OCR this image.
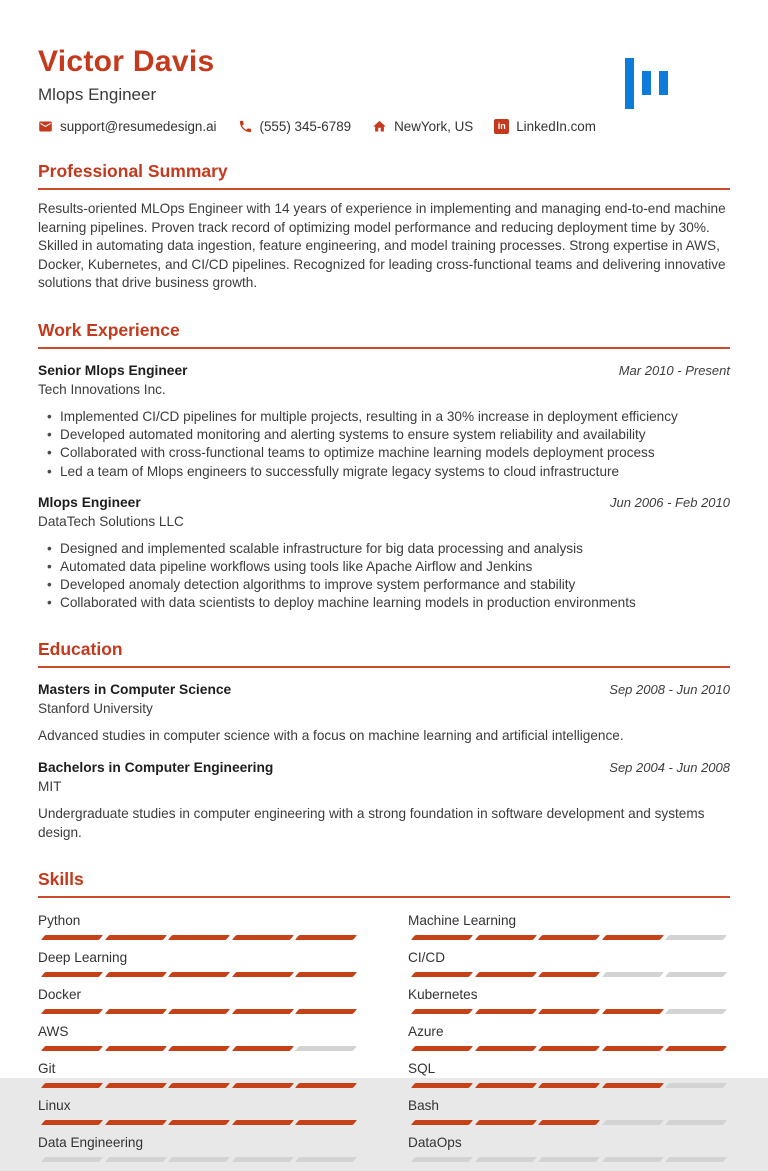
Victor Davis
Mlops Engineer
support@resumedesign.ai	(555) 345-6789	NewYork, US	in LinkedIn.com
Professional Summary

Results-oriented MLOps Engineer with 14 years of experience in implementing and managing end-to-end machine learning pipelines. Proven track record of optimizing model performance and reducing deployment time by 30%. Skilled in automating data ingestion, feature engineering, and model training processes. Strong expertise in AWS, Docker, Kubernetes, and CI/CD pipelines. Recognized for leading cross-functional teams and delivering innovative solutions that drive business growth.

Work Experience
Senior Mlops Engineer
Tech Innovations Inc.
Mar 2010 - Present
• Implemented CI/CD pipelines for multiple projects, resulting in a 30% increase in deployment efficiency
• Developed automated monitoring and alerting systems to ensure system reliability and availability
• Collaborated with cross-functional teams to optimize machine learning models deployment process
• Led a team of Mlops engineers to successfully migrate legacy systems to cloud infrastructure
Mlops Engineer
DataTech Solutions LLC
Jun 2006 - Feb 2010
• Designed and implemented scalable infrastructure for big data processing and analysis
• Automated data pipeline workflows using tools like Apache Airflow and Jenkins
• Developed anomaly detection algorithms to improve system performance and stability
• Collaborated with data scientists to deploy machine learning models in production environments
Education
Masters in Computer Science
Stanford University
Sep 2008 - Jun 2010

Advanced studies in computer science with a focus on machine learning and artificial intelligence.

Bachelors in Computer Engineering
MIT
Sep 2004 - Jun 2008

Undergraduate studies in computer engineering with a strong foundation in software development and systems design.

Skills
Python	Machine Learning
Deep Learning	CI/CD
Docker	Kubernetes
AWS	Azure
Git	SQL
Linux	Bash
Data Engineering	DataOps
